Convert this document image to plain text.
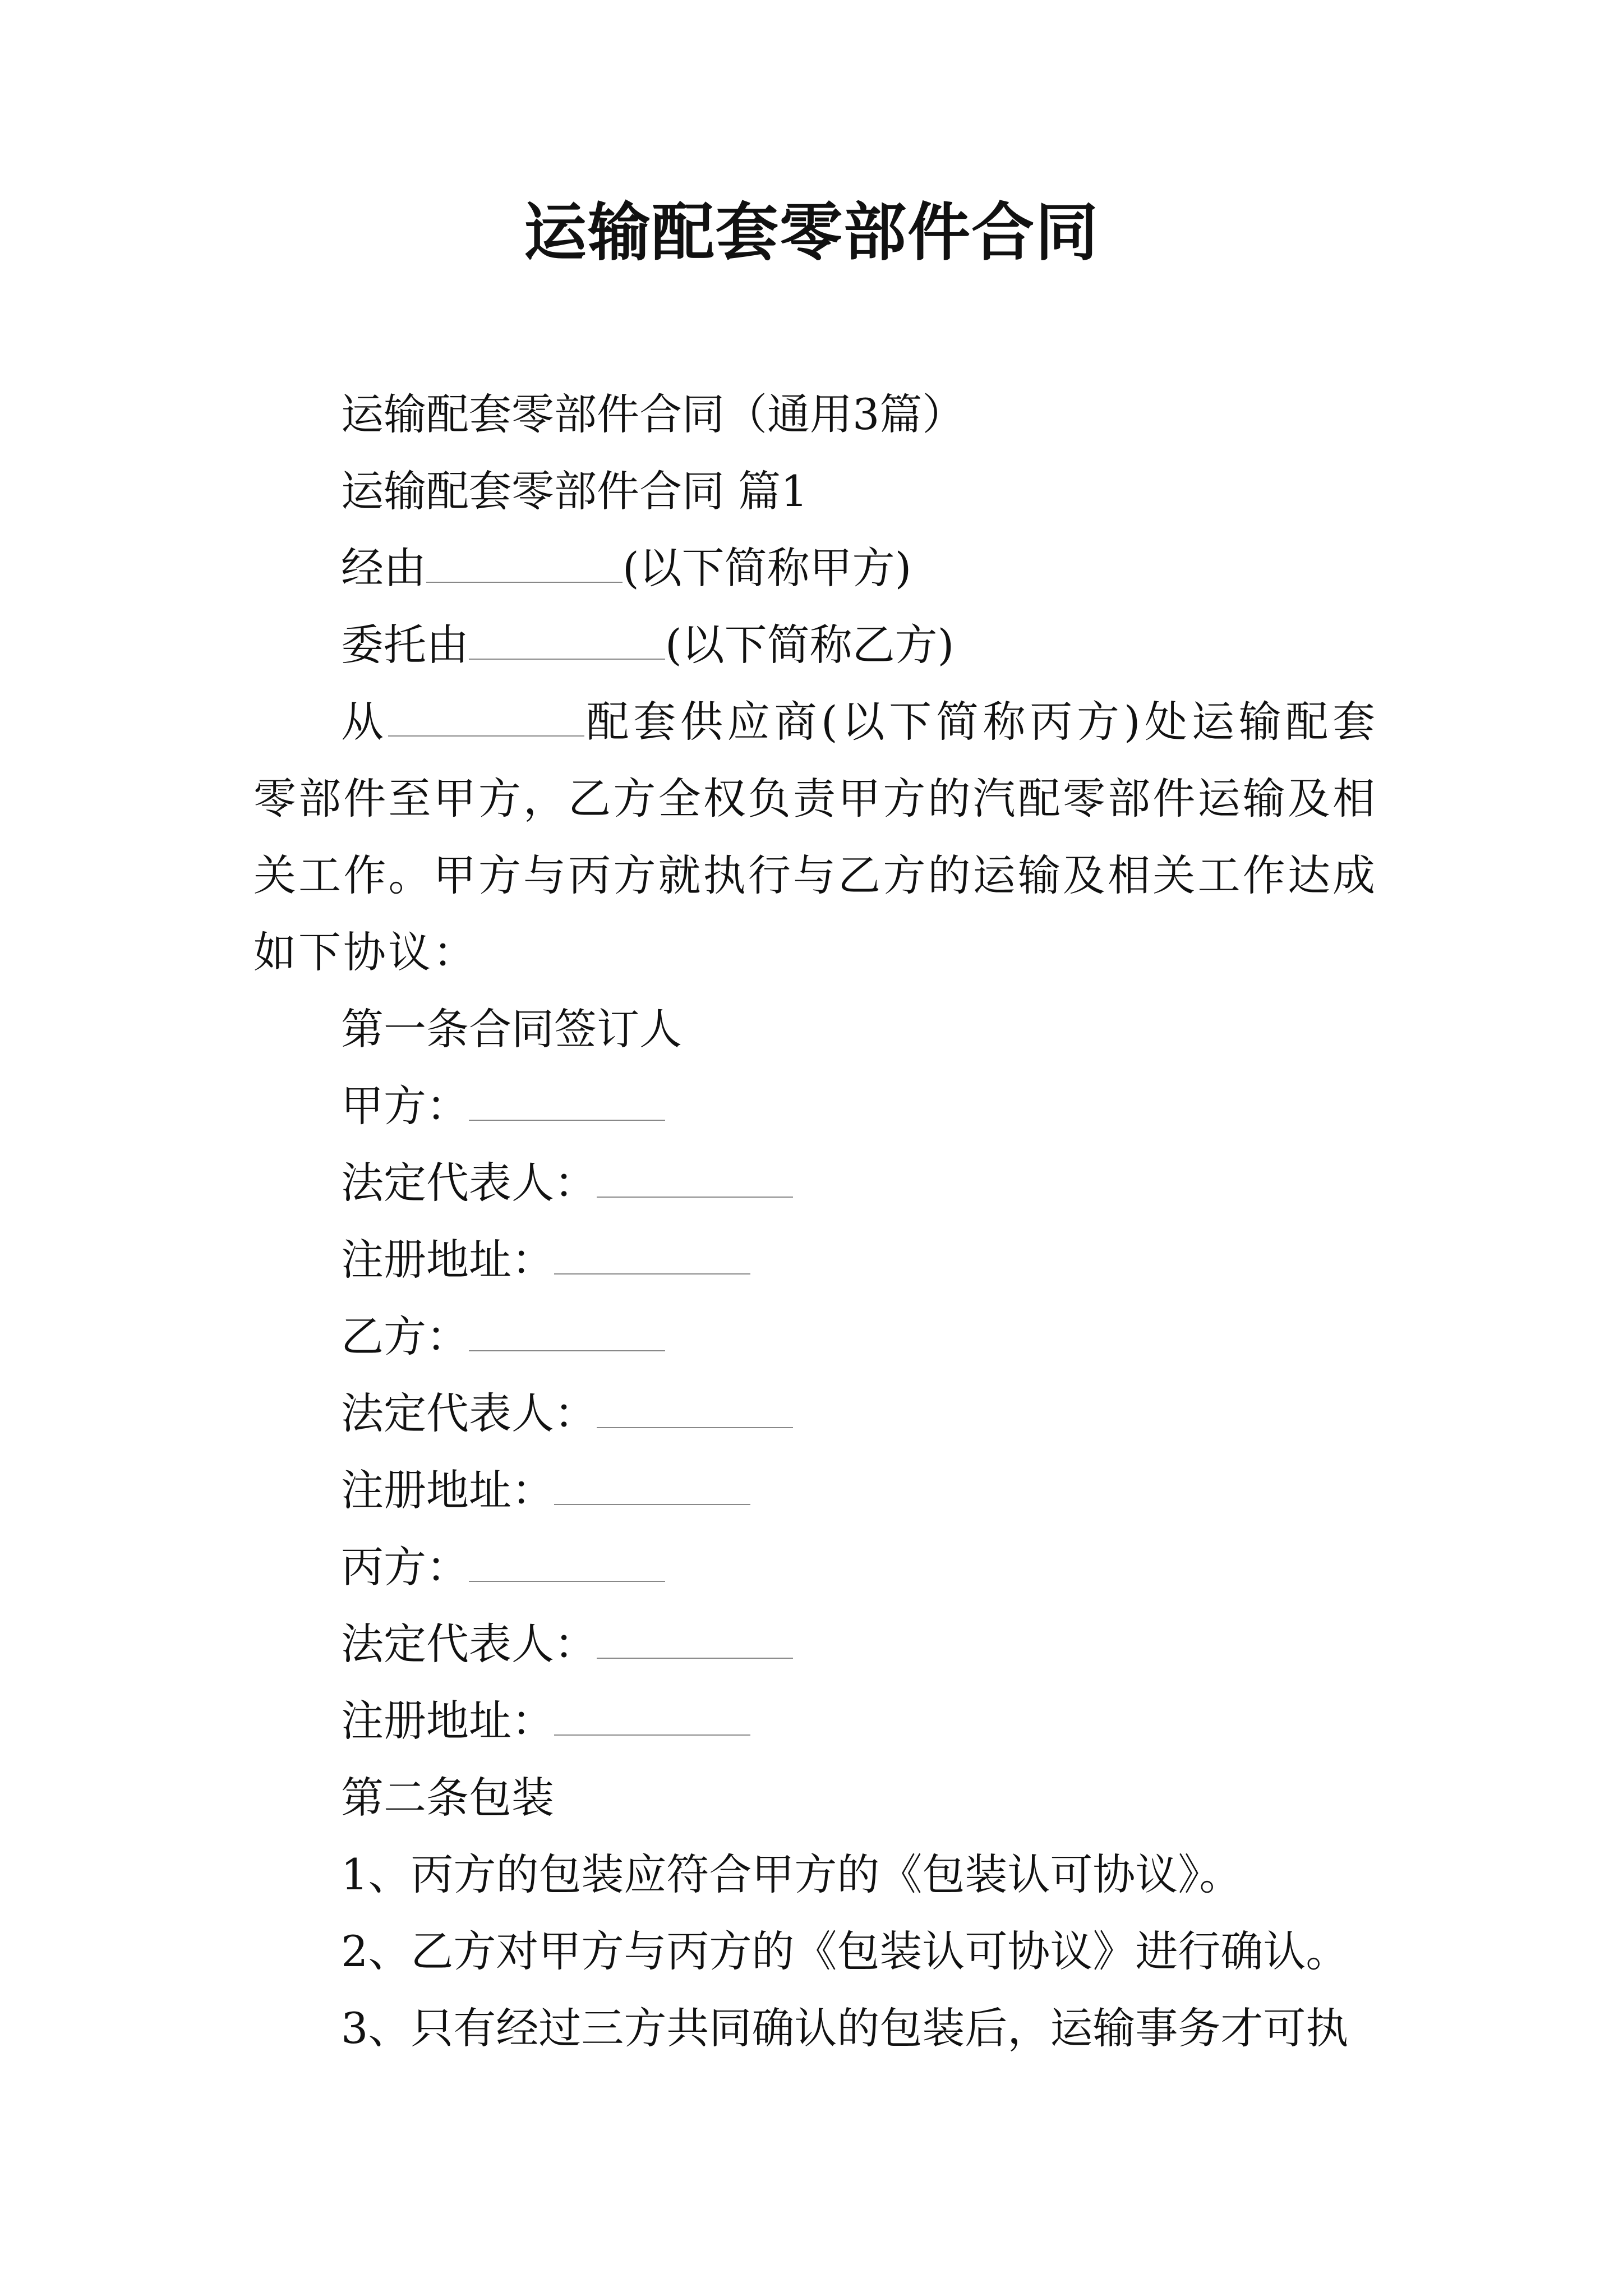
运输配套零部件合同

运输配套零部件合同（通用3篇）

运输配套零部件合同 篇1

经由	(以下简称甲方)

委托由	(以下简称乙方)

从	配套供应商(以下简称丙方)处运输配套零部件至甲方，乙方全权负责甲方的汽配零部件运输及相关工作。甲方与丙方就执行与乙方的运输及相关工作达成如下协议：

第一条合同签订人

甲方：

法定代表人：

注册地址：

乙方：

法定代表人：

注册地址：

丙方：

法定代表人：

注册地址：

第二条包装

1、丙方的包装应符合甲方的《包装认可协议》。

2、乙方对甲方与丙方的《包装认可协议》进行确认。

3、只有经过三方共同确认的包装后，运输事务才可执
